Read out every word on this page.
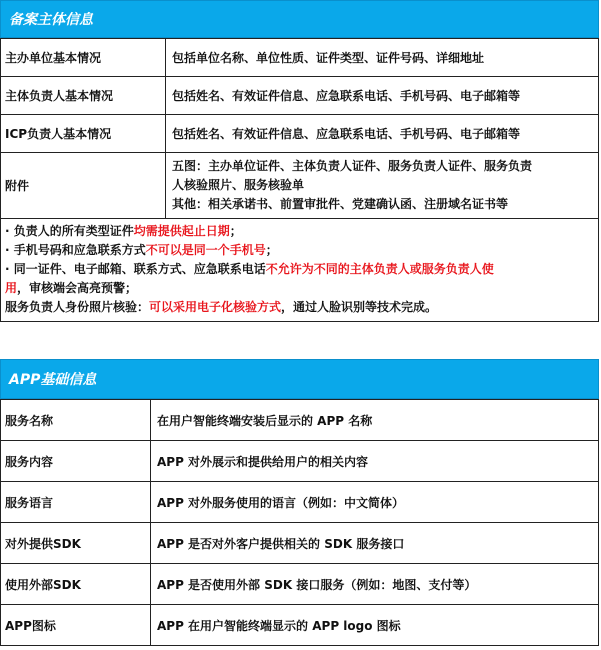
备案主体信息
主办单位基本情况	包括单位名称、单位性质、证件类型、证件号码、详细地址
主体负责人基本情况	包括姓名、有效证件信息、应急联系电话、手机号码、电子邮箱等
ICP负责人基本情况	包括姓名、有效证件信息、应急联系电话、手机号码、电子邮箱等
附件	五图：主办单位证件、主体负责人证件、服务负责人证件、服务负责
人核验照片、服务核验单
其他：相关承诺书、前置审批件、党建确认函、注册域名证书等
· 负责人的所有类型证件均需提供起止日期；
· 手机号码和应急联系方式不可以是同一个手机号；
· 同一证件、电子邮箱、联系方式、应急联系电话不允许为不同的主体负责人或服务负责人使
用，审核端会高亮预警；
服务负责人身份照片核验：可以采用电子化核验方式，通过人脸识别等技术完成。
APP基础信息
服务名称	在用户智能终端安装后显示的 APP 名称
服务内容	APP 对外展示和提供给用户的相关内容
服务语言	APP 对外服务使用的语言（例如：中文简体）
对外提供SDK	APP 是否对外客户提供相关的 SDK 服务接口
使用外部SDK	APP 是否使用外部 SDK 接口服务（例如：地图、支付等）
APP图标	APP 在用户智能终端显示的 APP logo 图标
